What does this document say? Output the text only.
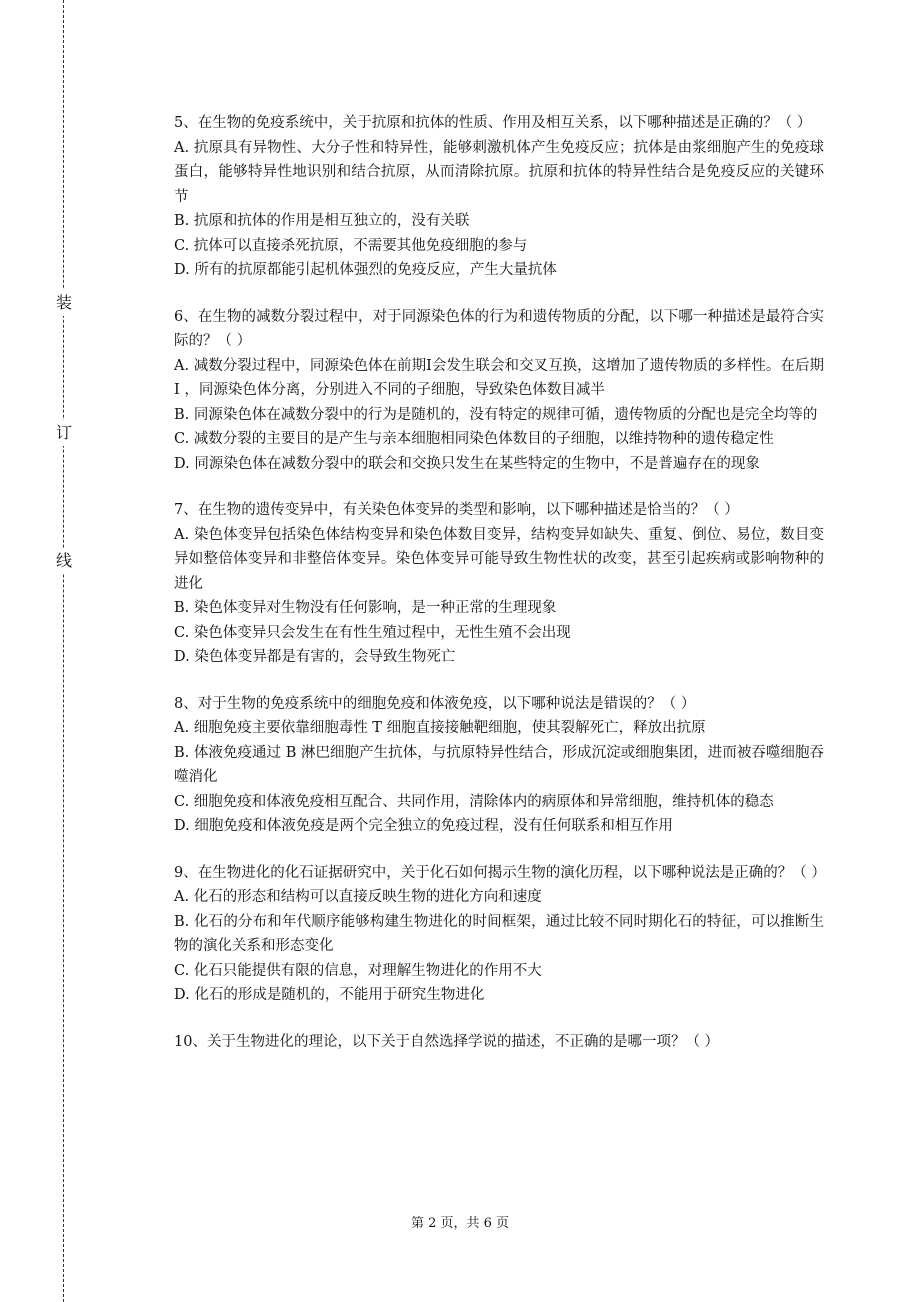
装
订
线

5、在生物的免疫系统中，关于抗原和抗体的性质、作用及相互关系，以下哪种描述是正确的？（ ）

A. 抗原具有异物性、大分子性和特异性，能够刺激机体产生免疫反应；抗体是由浆细胞产生的免疫球蛋白，能够特异性地识别和结合抗原，从而清除抗原。抗原和抗体的特异性结合是免疫反应的关键环节

B. 抗原和抗体的作用是相互独立的，没有关联

C. 抗体可以直接杀死抗原，不需要其他免疫细胞的参与

D. 所有的抗原都能引起机体强烈的免疫反应，产生大量抗体

6、在生物的减数分裂过程中，对于同源染色体的行为和遗传物质的分配，以下哪一种描述是最符合实际的？（ ）

A. 减数分裂过程中，同源染色体在前期Ⅰ会发生联会和交叉互换，这增加了遗传物质的多样性。在后期 Ⅰ ，同源染色体分离，分别进入不同的子细胞，导致染色体数目减半

B. 同源染色体在减数分裂中的行为是随机的，没有特定的规律可循，遗传物质的分配也是完全均等的

C. 减数分裂的主要目的是产生与亲本细胞相同染色体数目的子细胞，以维持物种的遗传稳定性

D. 同源染色体在减数分裂中的联会和交换只发生在某些特定的生物中，不是普遍存在的现象

7、在生物的遗传变异中，有关染色体变异的类型和影响，以下哪种描述是恰当的？（ ）

A. 染色体变异包括染色体结构变异和染色体数目变异，结构变异如缺失、重复、倒位、易位，数目变异如整倍体变异和非整倍体变异。染色体变异可能导致生物性状的改变，甚至引起疾病或影响物种的进化

B. 染色体变异对生物没有任何影响，是一种正常的生理现象

C. 染色体变异只会发生在有性生殖过程中，无性生殖不会出现

D. 染色体变异都是有害的，会导致生物死亡

8、对于生物的免疫系统中的细胞免疫和体液免疫，以下哪种说法是错误的？（ ）

A. 细胞免疫主要依靠细胞毒性 T 细胞直接接触靶细胞，使其裂解死亡，释放出抗原

B. 体液免疫通过 B 淋巴细胞产生抗体，与抗原特异性结合，形成沉淀或细胞集团，进而被吞噬细胞吞噬消化

C. 细胞免疫和体液免疫相互配合、共同作用，清除体内的病原体和异常细胞，维持机体的稳态

D. 细胞免疫和体液免疫是两个完全独立的免疫过程，没有任何联系和相互作用

9、在生物进化的化石证据研究中，关于化石如何揭示生物的演化历程，以下哪种说法是正确的？（ ）

A. 化石的形态和结构可以直接反映生物的进化方向和速度

B. 化石的分布和年代顺序能够构建生物进化的时间框架，通过比较不同时期化石的特征，可以推断生物的演化关系和形态变化

C. 化石只能提供有限的信息，对理解生物进化的作用不大

D. 化石的形成是随机的，不能用于研究生物进化

10、关于生物进化的理论，以下关于自然选择学说的描述，不正确的是哪一项？（ ）

第 2 页，共 6 页
